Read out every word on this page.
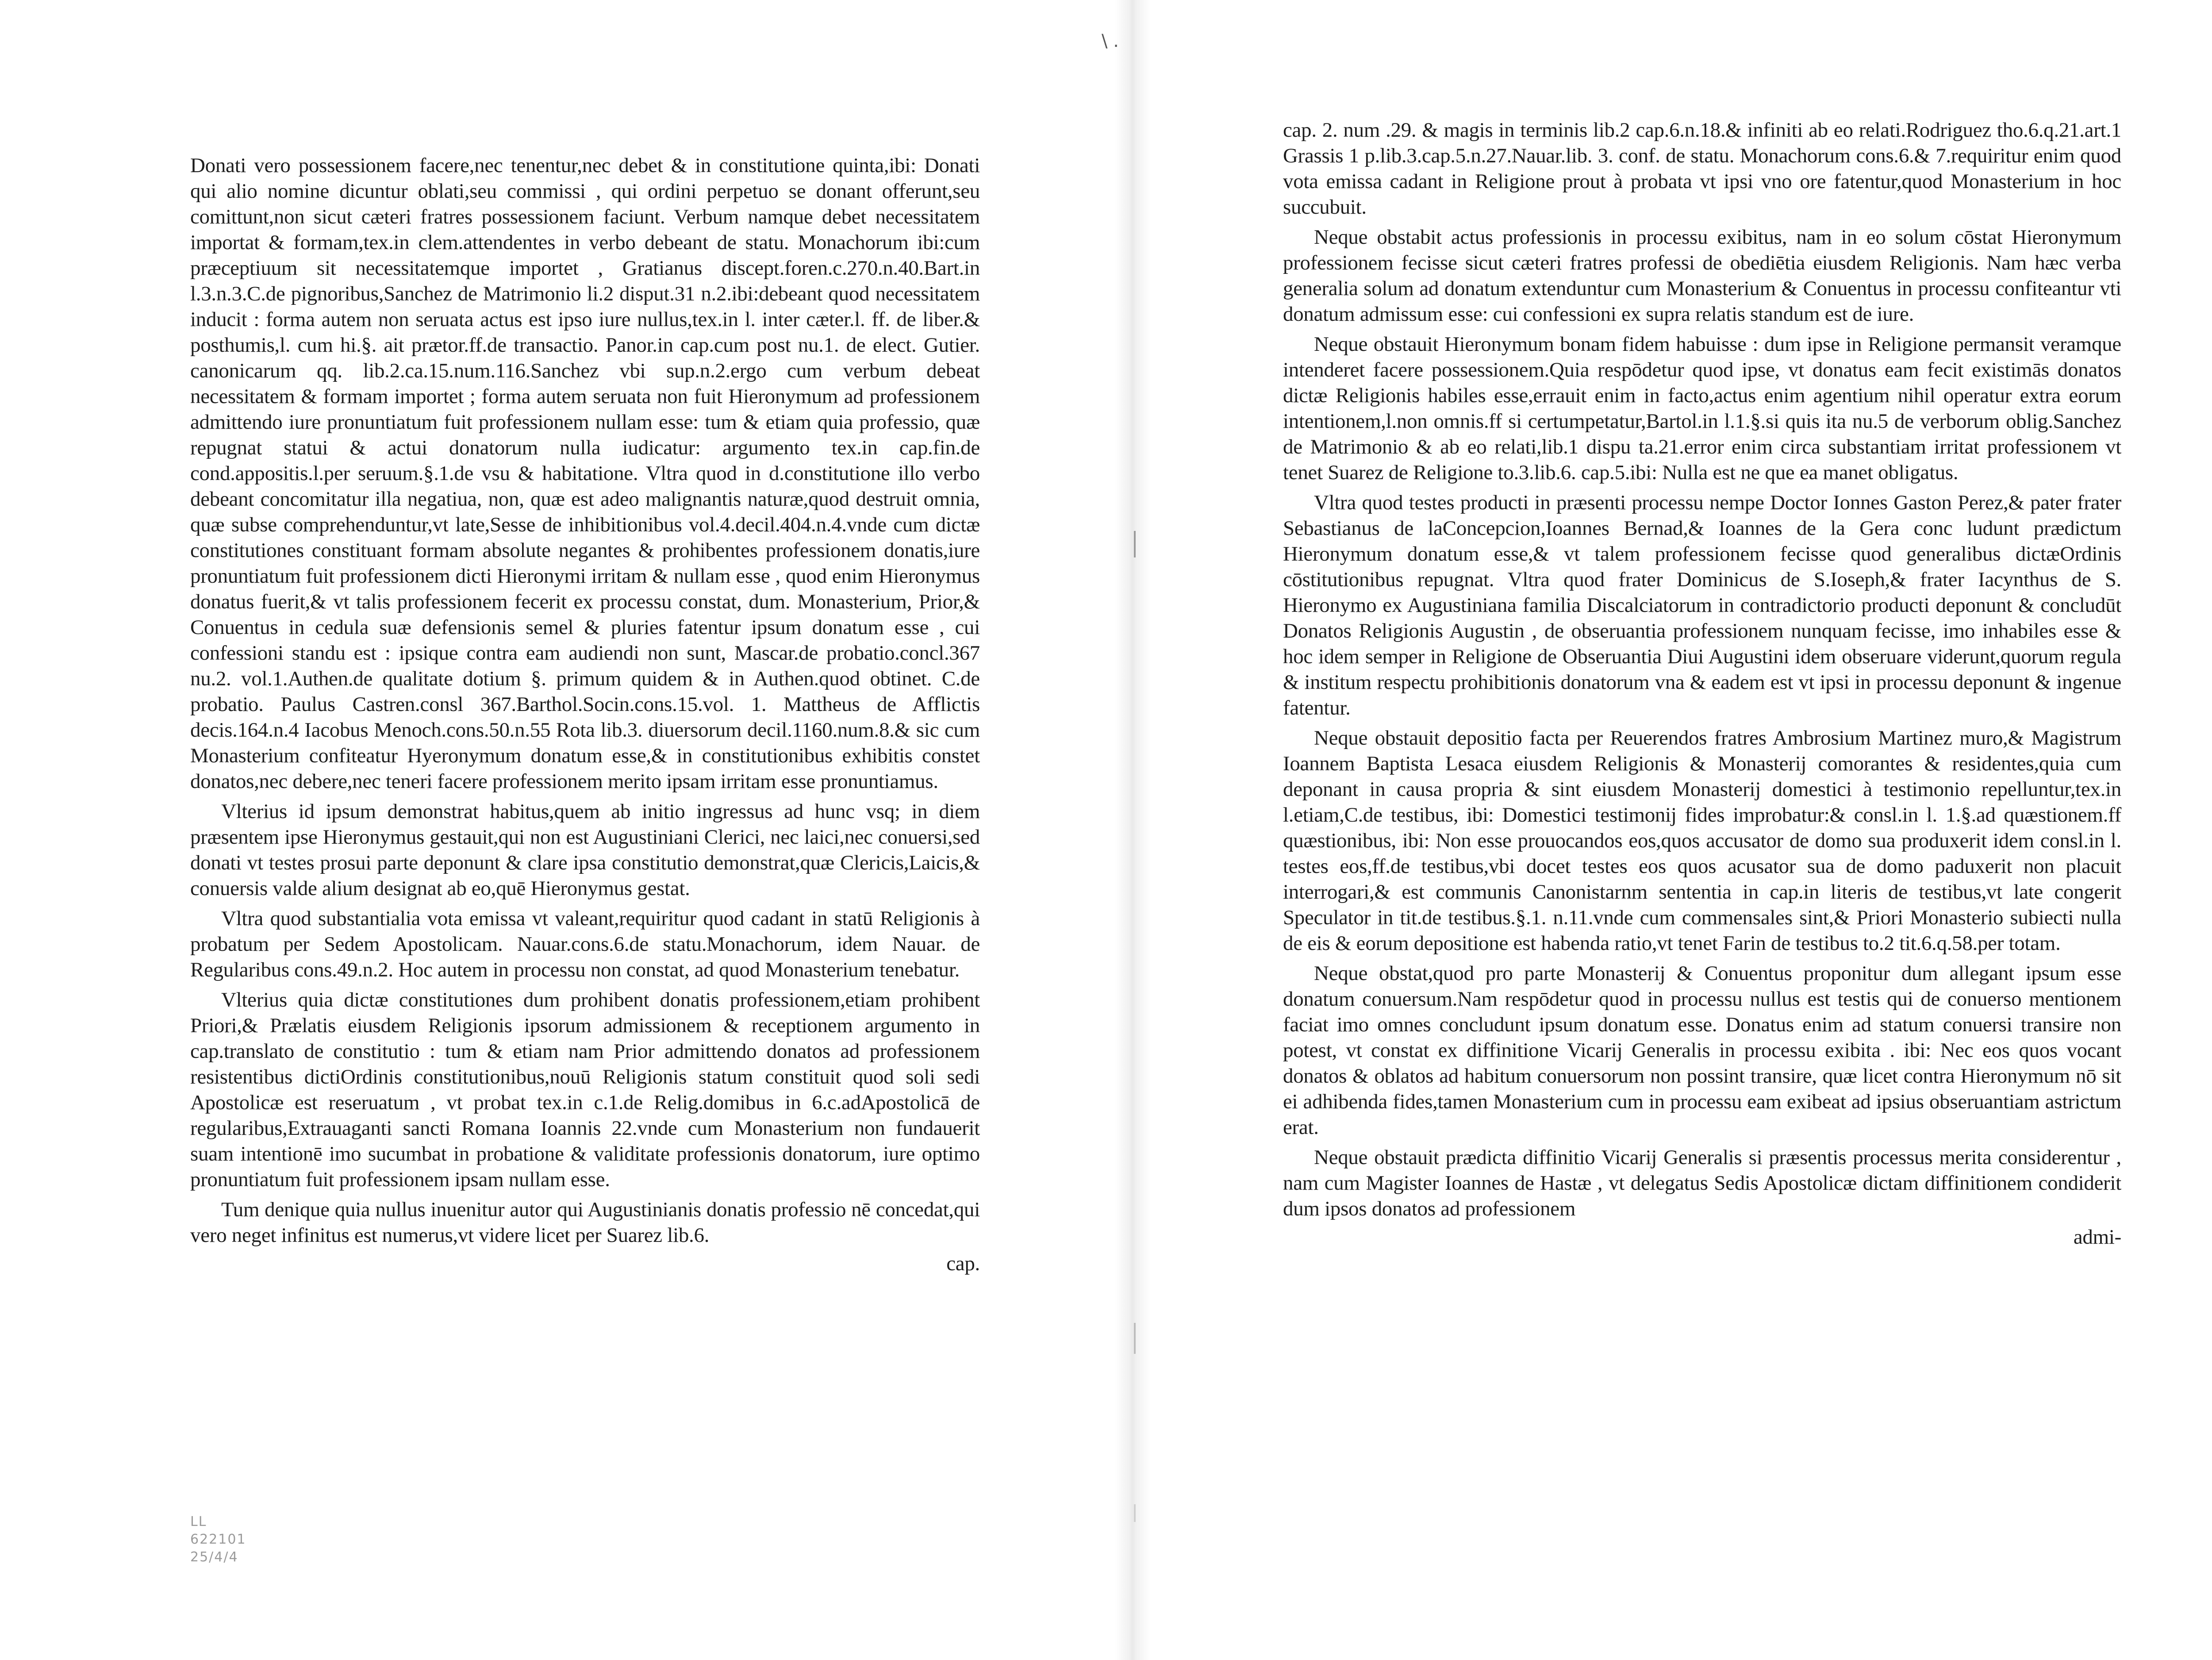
Donati vero possessionem facere,nec tenentur,nec debet & in constitutione quinta,ibi: Donati qui alio nomine dicuntur oblati,seu commissi , qui ordini perpetuo se donant offerunt,seu comittunt,non sicut cæteri fratres possessionem faciunt. Verbum namque debet necessitatem importat & formam,tex.in clem.attendentes in verbo debeant de statu. Monachorum ibi:cum præceptiuum sit necessitatemque importet , Gratianus discept.foren.c.270.n.40.Bart.in l.3.n.3.C.de pignoribus,Sanchez de Matrimonio li.2 disput.31 n.2.ibi:debeant quod necessitatem inducit : forma autem non seruata actus est ipso iure nullus,tex.in l. inter cæter.l. ff. de liber.& posthumis,l. cum hi.§. ait prætor.ff.de transactio. Panor.in cap.cum post nu.1. de elect. Gutier. canonicarum qq. lib.2.ca.15.num.116.Sanchez vbi sup.n.2.ergo cum verbum debeat necessitatem & formam importet ; forma autem seruata non fuit Hieronymum ad professionem admittendo iure pronuntiatum fuit professionem nullam esse: tum & etiam quia professio, quæ repugnat statui & actui donatorum nulla iudicatur: argumento tex.in cap.fin.de cond.appositis.l.per seruum.§.1.de vsu & habitatione. Vltra quod in d.constitutione illo verbo debeant concomitatur illa negatiua, non, quæ est adeo malignantis naturæ,quod destruit omnia, quæ subse comprehenduntur,vt late,Sesse de inhibitionibus vol.4.decil.404.n.4.vnde cum dictæ constitutiones constituant formam absolute negantes & prohibentes professionem donatis,iure pronuntiatum fuit professionem dicti Hieronymi irritam & nullam esse , quod enim Hieronymus donatus fuerit,& vt talis professionem fecerit ex processu constat, dum. Monasterium, Prior,& Conuentus in cedula suæ defensionis semel & pluries fatentur ipsum donatum esse , cui confessioni standu est : ipsique contra eam audiendi non sunt, Mascar.de probatio.concl.367 nu.2. vol.1.Authen.de qualitate dotium §. primum quidem & in Authen.quod obtinet. C.de probatio. Paulus Castren.consl 367.Barthol.Socin.cons.15.vol. 1. Mattheus de Afflictis decis.164.n.4 Iacobus Menoch.cons.50.n.55 Rota lib.3. diuersorum decil.1160.num.8.& sic cum Monasterium confiteatur Hyeronymum donatum esse,& in constitutionibus exhibitis constet donatos,nec debere,nec teneri facere professionem merito ipsam irritam esse pronuntiamus.

Vlterius id ipsum demonstrat habitus,quem ab initio ingressus ad hunc vsq; in diem præsentem ipse Hieronymus gestauit,qui non est Augustiniani Clerici, nec laici,nec conuersi,sed donati vt testes prosui parte deponunt & clare ipsa constitutio demonstrat,quæ Clericis,Laicis,& conuersis valde alium designat ab eo,quē Hieronymus gestat.

Vltra quod substantialia vota emissa vt valeant,requiritur quod cadant in statū Religionis à probatum per Sedem Apostolicam. Nauar.cons.6.de statu.Monachorum, idem Nauar. de Regularibus cons.49.n.2. Hoc autem in processu non constat, ad quod Monasterium tenebatur.

Vlterius quia dictæ constitutiones dum prohibent donatis professionem,etiam prohibent Priori,& Prælatis eiusdem Religionis ipsorum admissionem & receptionem argumento in cap.translato de constitutio : tum & etiam nam Prior admittendo donatos ad professionem resistentibus dictiOrdinis constitutionibus,nouū Religionis statum constituit quod soli sedi Apostolicæ est reseruatum , vt probat tex.in c.1.de Relig.domibus in 6.c.adApostolicā de regularibus,Extrauaganti sancti Romana Ioannis 22.vnde cum Monasterium non fundauerit suam intentionē imo sucumbat in probatione & validitate professionis donatorum, iure optimo pronuntiatum fuit professionem ipsam nullam esse.

Tum denique quia nullus inuenitur autor qui Augustinianis donatis professio nē concedat,qui vero neget infinitus est numerus,vt videre licet per Suarez lib.6.

cap.
LL
622101
25/4/4
\ .

cap. 2. num .29. & magis in terminis lib.2 cap.6.n.18.& infiniti ab eo relati.Rodriguez tho.6.q.21.art.1 Grassis 1 p.lib.3.cap.5.n.27.Nauar.lib. 3. conf. de statu. Monachorum cons.6.& 7.requiritur enim quod vota emissa cadant in Religione prout à probata vt ipsi vno ore fatentur,quod Monasterium in hoc succubuit.

Neque obstabit actus professionis in processu exibitus, nam in eo solum cōstat Hieronymum professionem fecisse sicut cæteri fratres professi de obediētia eiusdem Religionis. Nam hæc verba generalia solum ad donatum extenduntur cum Monasterium & Conuentus in processu confiteantur vti donatum admissum esse: cui confessioni ex supra relatis standum est de iure.

Neque obstauit Hieronymum bonam fidem habuisse : dum ipse in Religione permansit veramque intenderet facere possessionem.Quia respōdetur quod ipse, vt donatus eam fecit existimās donatos dictæ Religionis habiles esse,errauit enim in facto,actus enim agentium nihil operatur extra eorum intentionem,l.non omnis.ff si certumpetatur,Bartol.in l.1.§.si quis ita nu.5 de verborum oblig.Sanchez de Matrimonio & ab eo relati,lib.1 dispu ta.21.error enim circa substantiam irritat professionem vt tenet Suarez de Religione to.3.lib.6. cap.5.ibi: Nulla est ne que ea manet obligatus.

Vltra quod testes producti in præsenti processu nempe Doctor Ionnes Gaston Perez,& pater frater Sebastianus de laConcepcion,Ioannes Bernad,& Ioannes de la Gera conc ludunt prædictum Hieronymum donatum esse,& vt talem professionem fecisse quod generalibus dictæOrdinis cōstitutionibus repugnat. Vltra quod frater Dominicus de S.Ioseph,& frater Iacynthus de S. Hieronymo ex Augustiniana familia Discalciatorum in contradictorio producti deponunt & concludūt Donatos Religionis Augustin , de obseruantia professionem nunquam fecisse, imo inhabiles esse & hoc idem semper in Religione de Obseruantia Diui Augustini idem obseruare viderunt,quorum regula & institum respectu prohibitionis donatorum vna & eadem est vt ipsi in processu deponunt & ingenue fatentur.

Neque obstauit depositio facta per Reuerendos fratres Ambrosium Martinez muro,& Magistrum Ioannem Baptista Lesaca eiusdem Religionis & Monasterij comorantes & residentes,quia cum deponant in causa propria & sint eiusdem Monasterij domestici à testimonio repelluntur,tex.in l.etiam,C.de testibus, ibi: Domestici testimonij fides improbatur:& consl.in l. 1.§.ad quæstionem.ff quæstionibus, ibi: Non esse prouocandos eos,quos accusator de domo sua produxerit idem consl.in l. testes eos,ff.de testibus,vbi docet testes eos quos acusator sua de domo paduxerit non placuit interrogari,& est communis Canonistarnm sententia in cap.in literis de testibus,vt late congerit Speculator in tit.de testibus.§.1. n.11.vnde cum commensales sint,& Priori Monasterio subiecti nulla de eis & eorum depositione est habenda ratio,vt tenet Farin de testibus to.2 tit.6.q.58.per totam.

Neque obstat,quod pro parte Monasterij & Conuentus proponitur dum allegant ipsum esse donatum conuersum.Nam respōdetur quod in processu nullus est testis qui de conuerso mentionem faciat imo omnes concludunt ipsum donatum esse. Donatus enim ad statum conuersi transire non potest, vt constat ex diffinitione Vicarij Generalis in processu exibita . ibi: Nec eos quos vocant donatos & oblatos ad habitum conuersorum non possint transire, quæ licet contra Hieronymum nō sit ei adhibenda fides,tamen Monasterium cum in processu eam exibeat ad ipsius obseruantiam astrictum erat.

Neque obstauit prædicta diffinitio Vicarij Generalis si præsentis processus merita considerentur , nam cum Magister Ioannes de Hastæ , vt delegatus Sedis Apostolicæ dictam diffinitionem condiderit dum ipsos donatos ad professionem

admi-
